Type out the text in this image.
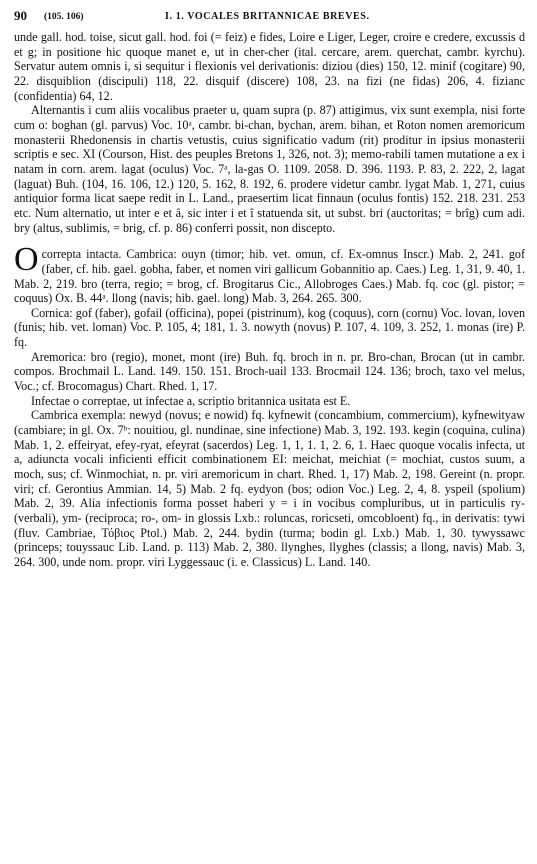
90 (105. 106)	I. 1. VOCALES BRITANNICAE BREVES.

unde gall. hod. toise, sicut gall. hod. foi (= feiz) e fides, Loire e Liger, Leger, croire e credere, excussis d et g; in positione hic quoque manet e, ut in cher-cher (ital. cercare, arem. querchat, cambr. kyrchu). Servatur autem omnis i, si sequitur i flexionis vel derivationis: diziou (dies) 150, 12. minif (cogitare) 90, 22. disquiblion (discipuli) 118, 22. disquif (discere) 108, 23. na fizi (ne fidas) 206, 4. fizianc (confidentia) 64, 12.

Alternantis i cum aliis vocalibus praeter u, quam supra (p. 87) attigimus, vix sunt exempla, nisi forte cum o: boghan (gl. parvus) Voc. 10ᵃ, cambr. bi-chan, bychan, arem. bihan, et Roton nomen aremoricum monasterii Rhedonensis in chartis vetustis, cuius significatio vadum (rit) proditur in ipsius monasterii scriptis e sec. XI (Courson, Hist. des peuples Bretons 1, 326, not. 3); memo-rabili tamen mutatione a ex i natam in corn. arem. lagat (oculus) Voc. 7ᵃ, la-gas O. 1109. 2058. D. 396. 1193. P. 83, 2. 222, 2, lagat (laguat) Buh. (104, 16. 106, 12.) 120, 5. 162, 8. 192, 6. prodere videtur cambr. lygat Mab. 1, 271, cuius antiquior forma licat saepe redit in L. Land., praesertim licat finnaun (oculus fontis) 152. 218. 231. 253 etc. Num alternatio, ut inter e et â, sic inter i et î statuenda sit, ut subst. bri (auctoritas; = brîg) cum adi. bry (altus, sublimis, = brig, cf. p. 86) conferri possit, non discepto.

Ocorrepta intacta. Cambrica: ouyn (timor; hib. vet. omun, cf. Ex-omnus Inscr.) Mab. 2, 241. gof (faber, cf. hib. gael. gobha, faber, et nomen viri gallicum Gobannitio ap. Caes.) Leg. 1, 31, 9. 40, 1. Mab. 2, 219. bro (terra, regio; = brog, cf. Brogitarus Cic., Allobroges Caes.) Mab. fq. coc (gl. pistor; = coquus) Ox. B. 44ᵃ. llong (navis; hib. gael. long) Mab. 3, 264. 265. 300.

Cornica: gof (faber), gofail (officina), popei (pistrinum), kog (coquus), corn (cornu) Voc. lovan, loven (funis; hib. vet. loman) Voc. P. 105, 4; 181, 1. 3. nowyth (novus) P. 107, 4. 109, 3. 252, 1. monas (ire) P. fq.

Aremorica: bro (regio), monet, mont (ire) Buh. fq. broch in n. pr. Bro-chan, Brocan (ut in cambr. compos. Brochmail L. Land. 149. 150. 151. Broch-uail 133. Brocmail 124. 136; broch, taxo vel melus, Voc.; cf. Brocomagus) Chart. Rhed. 1, 17.

Infectae o correptae, ut infectae a, scriptio britannica usitata est E.

Cambrica exempla: newyd (novus; e nowid) fq. kyfnewit (concambium, commercium), kyfnewityaw (cambiare; in gl. Ox. 7ᵇ: nouitiou, gl. nundinae, sine infectione) Mab. 3, 192. 193. kegin (coquina, culina) Mab. 1, 2. effeiryat, efey-ryat, efeyrat (sacerdos) Leg. 1, 1, 1. 1, 2. 6, 1. Haec quoque vocalis infecta, ut a, adiuncta vocali inficienti efficit combinationem EI: meichat, meichiat (= mochiat, custos suum, a moch, sus; cf. Winmochiat, n. pr. viri aremoricum in chart. Rhed. 1, 17) Mab. 2, 198. Gereint (n. propr. viri; cf. Gerontius Ammian. 14, 5) Mab. 2 fq. eydyon (bos; odion Voc.) Leg. 2, 4, 8. yspeil (spolium) Mab. 2, 39. Alia infectionis forma posset haberi y = i in vocibus compluribus, ut in particulis ry- (verbali), ym- (reciproca; ro-, om- in glossis Lxb.: roluncas, roricseti, omcobloent) fq., in derivatis: tywi (fluv. Cambriae, Τόβιος Ptol.) Mab. 2, 244. bydin (turma; bodin gl. Lxb.) Mab. 1, 30. tywyssawc (princeps; touyssauc Lib. Land. p. 113) Mab. 2, 380. llynghes, llyghes (classis; a llong, navis) Mab. 3, 264. 300, unde nom. propr. viri Lyggessauc (i. e. Classicus) L. Land. 140.
